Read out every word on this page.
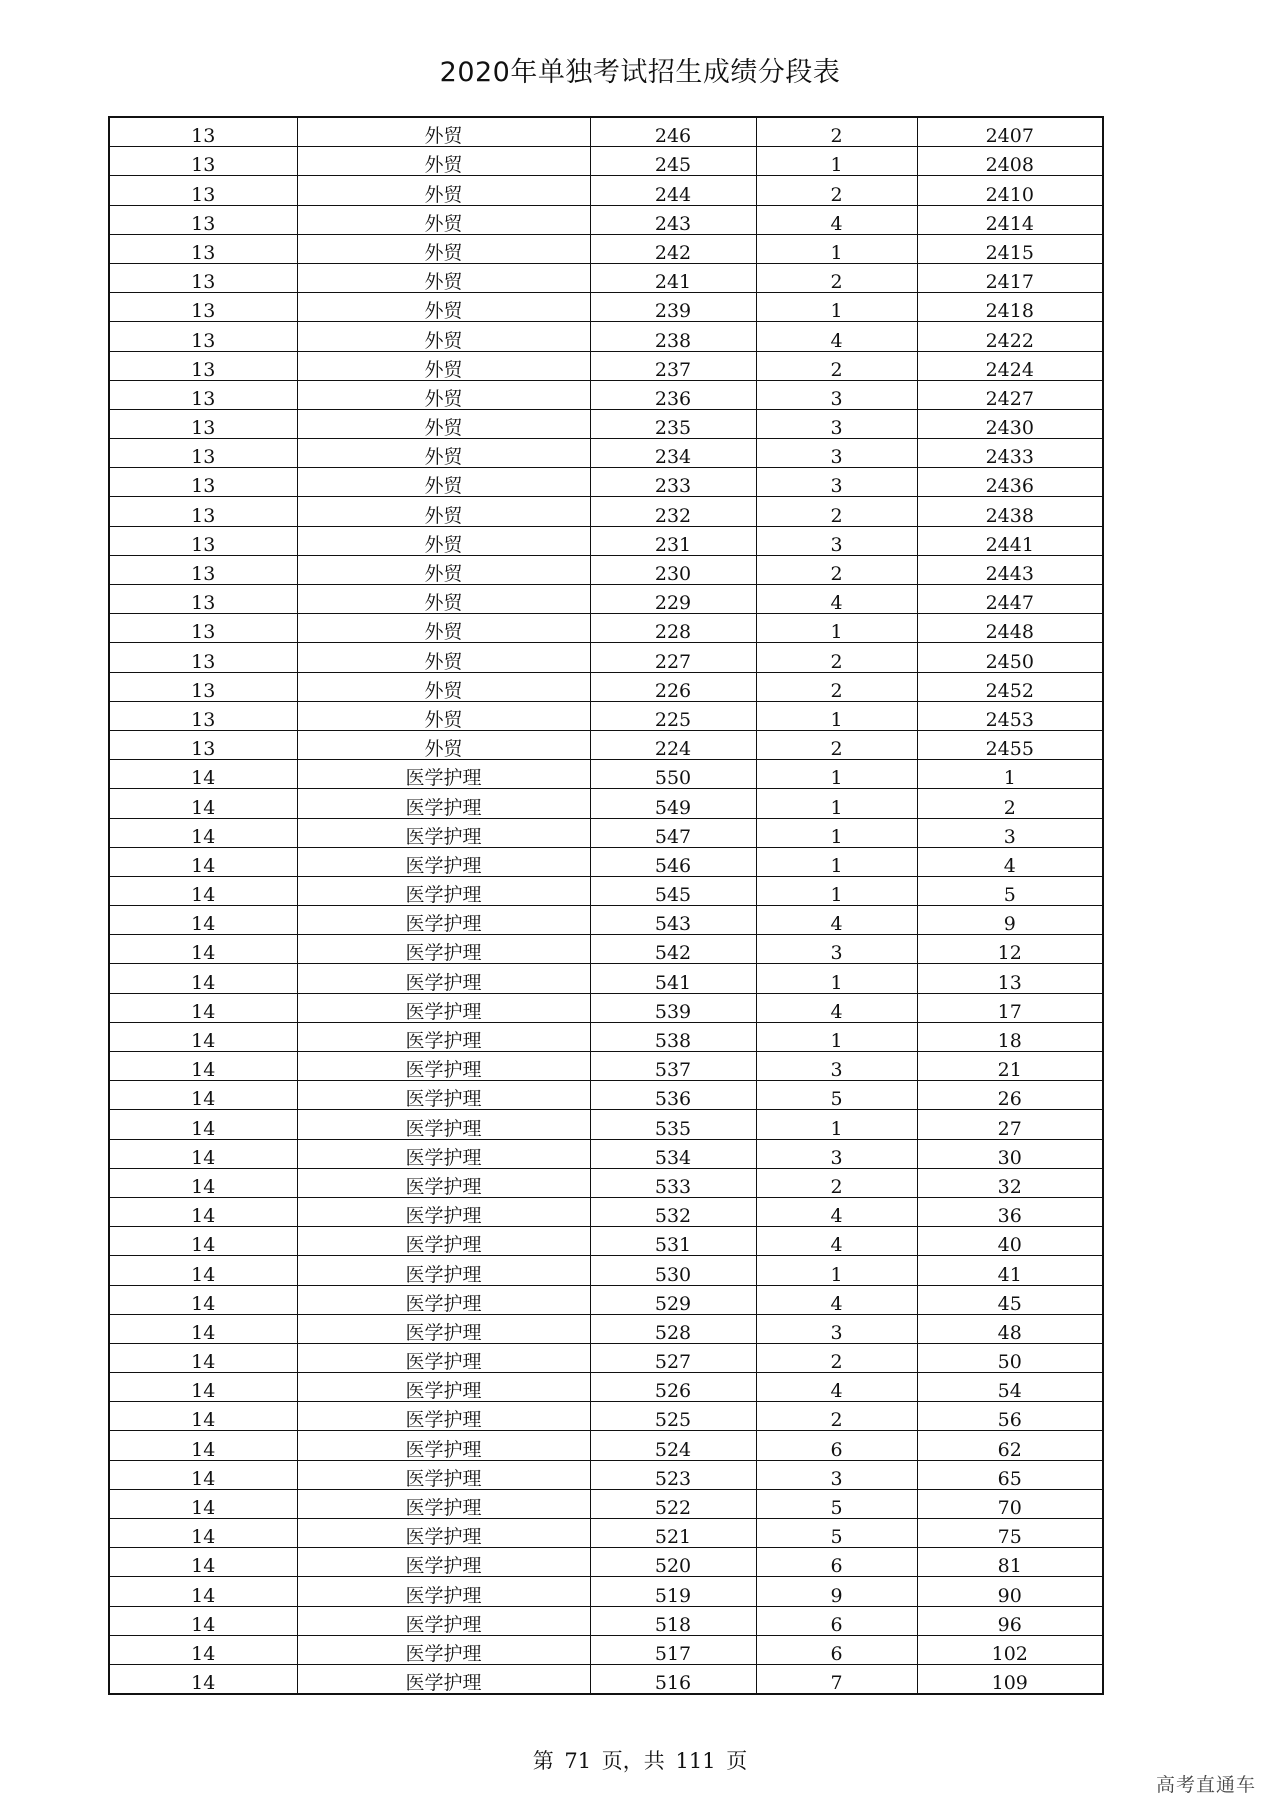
2020年单独考试招生成绩分段表
13	外贸	246	2	2407
13	外贸	245	1	2408
13	外贸	244	2	2410
13	外贸	243	4	2414
13	外贸	242	1	2415
13	外贸	241	2	2417
13	外贸	239	1	2418
13	外贸	238	4	2422
13	外贸	237	2	2424
13	外贸	236	3	2427
13	外贸	235	3	2430
13	外贸	234	3	2433
13	外贸	233	3	2436
13	外贸	232	2	2438
13	外贸	231	3	2441
13	外贸	230	2	2443
13	外贸	229	4	2447
13	外贸	228	1	2448
13	外贸	227	2	2450
13	外贸	226	2	2452
13	外贸	225	1	2453
13	外贸	224	2	2455
14	医学护理	550	1	1
14	医学护理	549	1	2
14	医学护理	547	1	3
14	医学护理	546	1	4
14	医学护理	545	1	5
14	医学护理	543	4	9
14	医学护理	542	3	12
14	医学护理	541	1	13
14	医学护理	539	4	17
14	医学护理	538	1	18
14	医学护理	537	3	21
14	医学护理	536	5	26
14	医学护理	535	1	27
14	医学护理	534	3	30
14	医学护理	533	2	32
14	医学护理	532	4	36
14	医学护理	531	4	40
14	医学护理	530	1	41
14	医学护理	529	4	45
14	医学护理	528	3	48
14	医学护理	527	2	50
14	医学护理	526	4	54
14	医学护理	525	2	56
14	医学护理	524	6	62
14	医学护理	523	3	65
14	医学护理	522	5	70
14	医学护理	521	5	75
14	医学护理	520	6	81
14	医学护理	519	9	90
14	医学护理	518	6	96
14	医学护理	517	6	102
14	医学护理	516	7	109
第 71 页，共 111 页
高考直通车
